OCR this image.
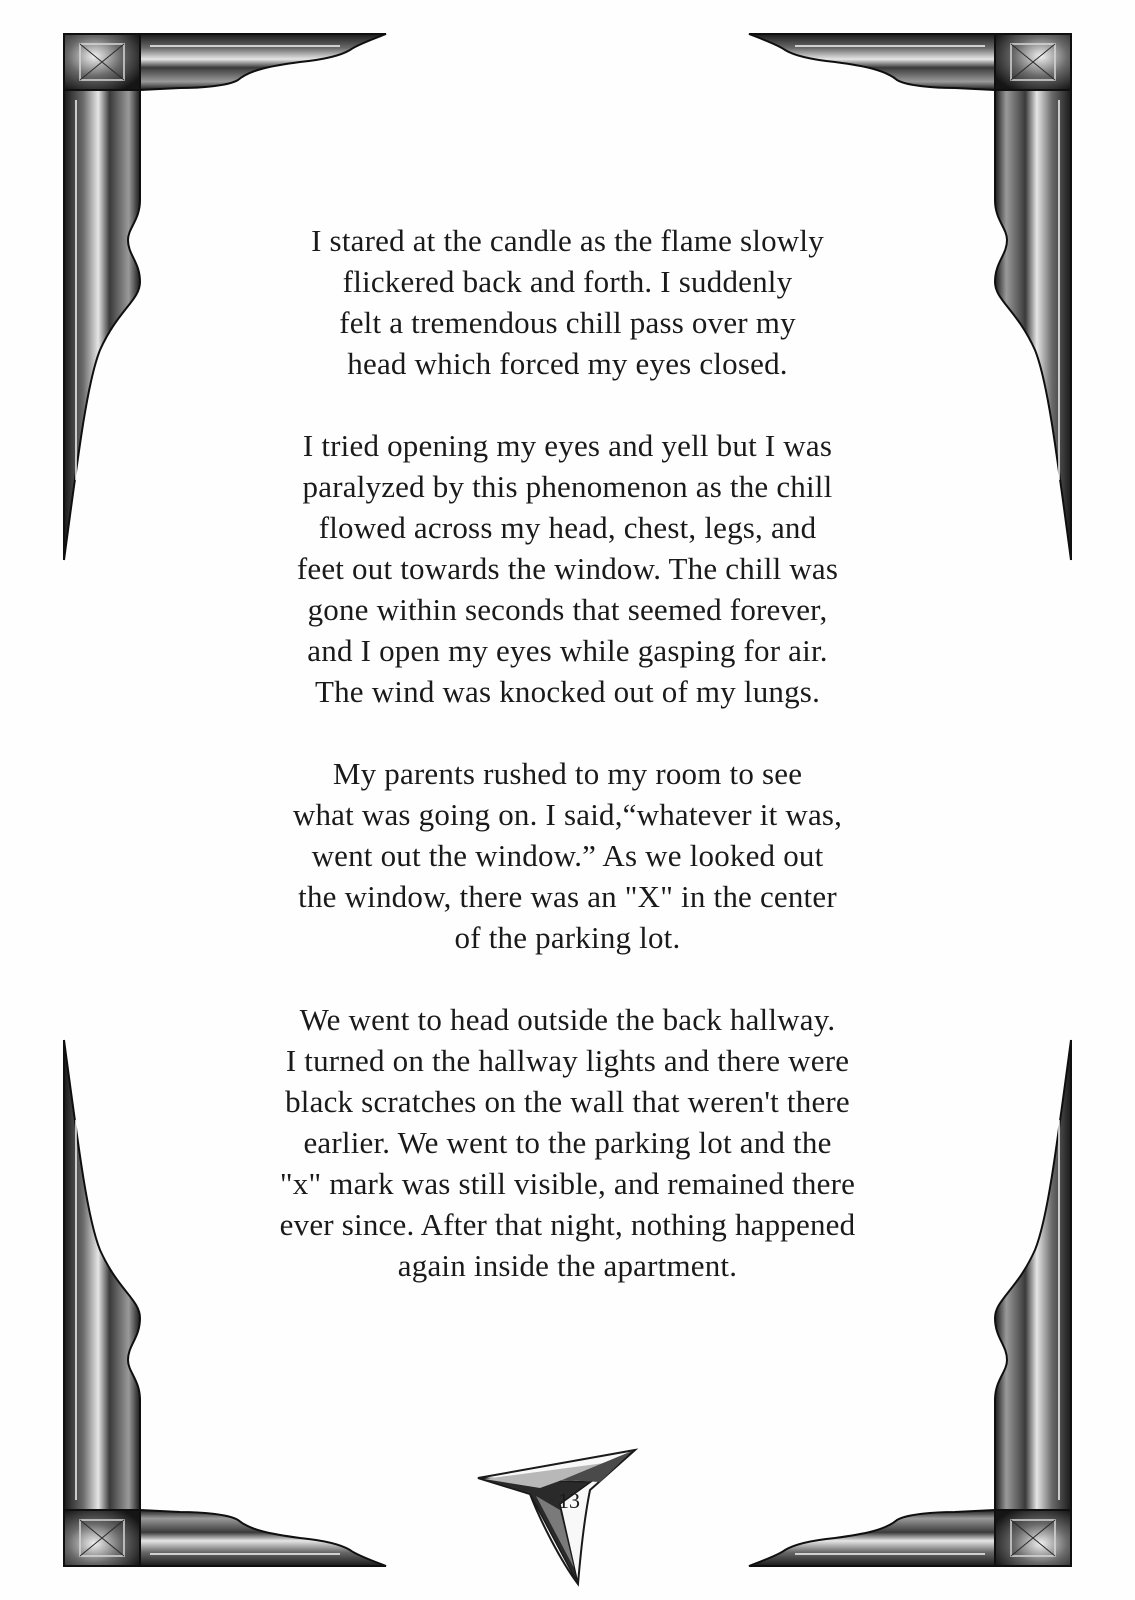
I stared at the candle as the flame slowly
flickered back and forth. I suddenly
felt a tremendous chill pass over my
head which forced my eyes closed.
I tried opening my eyes and yell but I was
paralyzed by this phenomenon as the chill
flowed across my head, chest, legs, and
feet out towards the window. The chill was
gone within seconds that seemed forever,
and I open my eyes while gasping for air.
The wind was knocked out of my lungs.
My parents rushed to my room to see
what was going on. I said,“whatever it was,
went out the window.” As we looked out
the window, there was an "X" in the center
of the parking lot.
We went to head outside the back hallway.
I turned on the hallway lights and there were
black scratches on the wall that weren't there
earlier. We went to the parking lot and the
"x" mark was still visible, and remained there
ever since. After that night, nothing happened
again inside the apartment.
13
